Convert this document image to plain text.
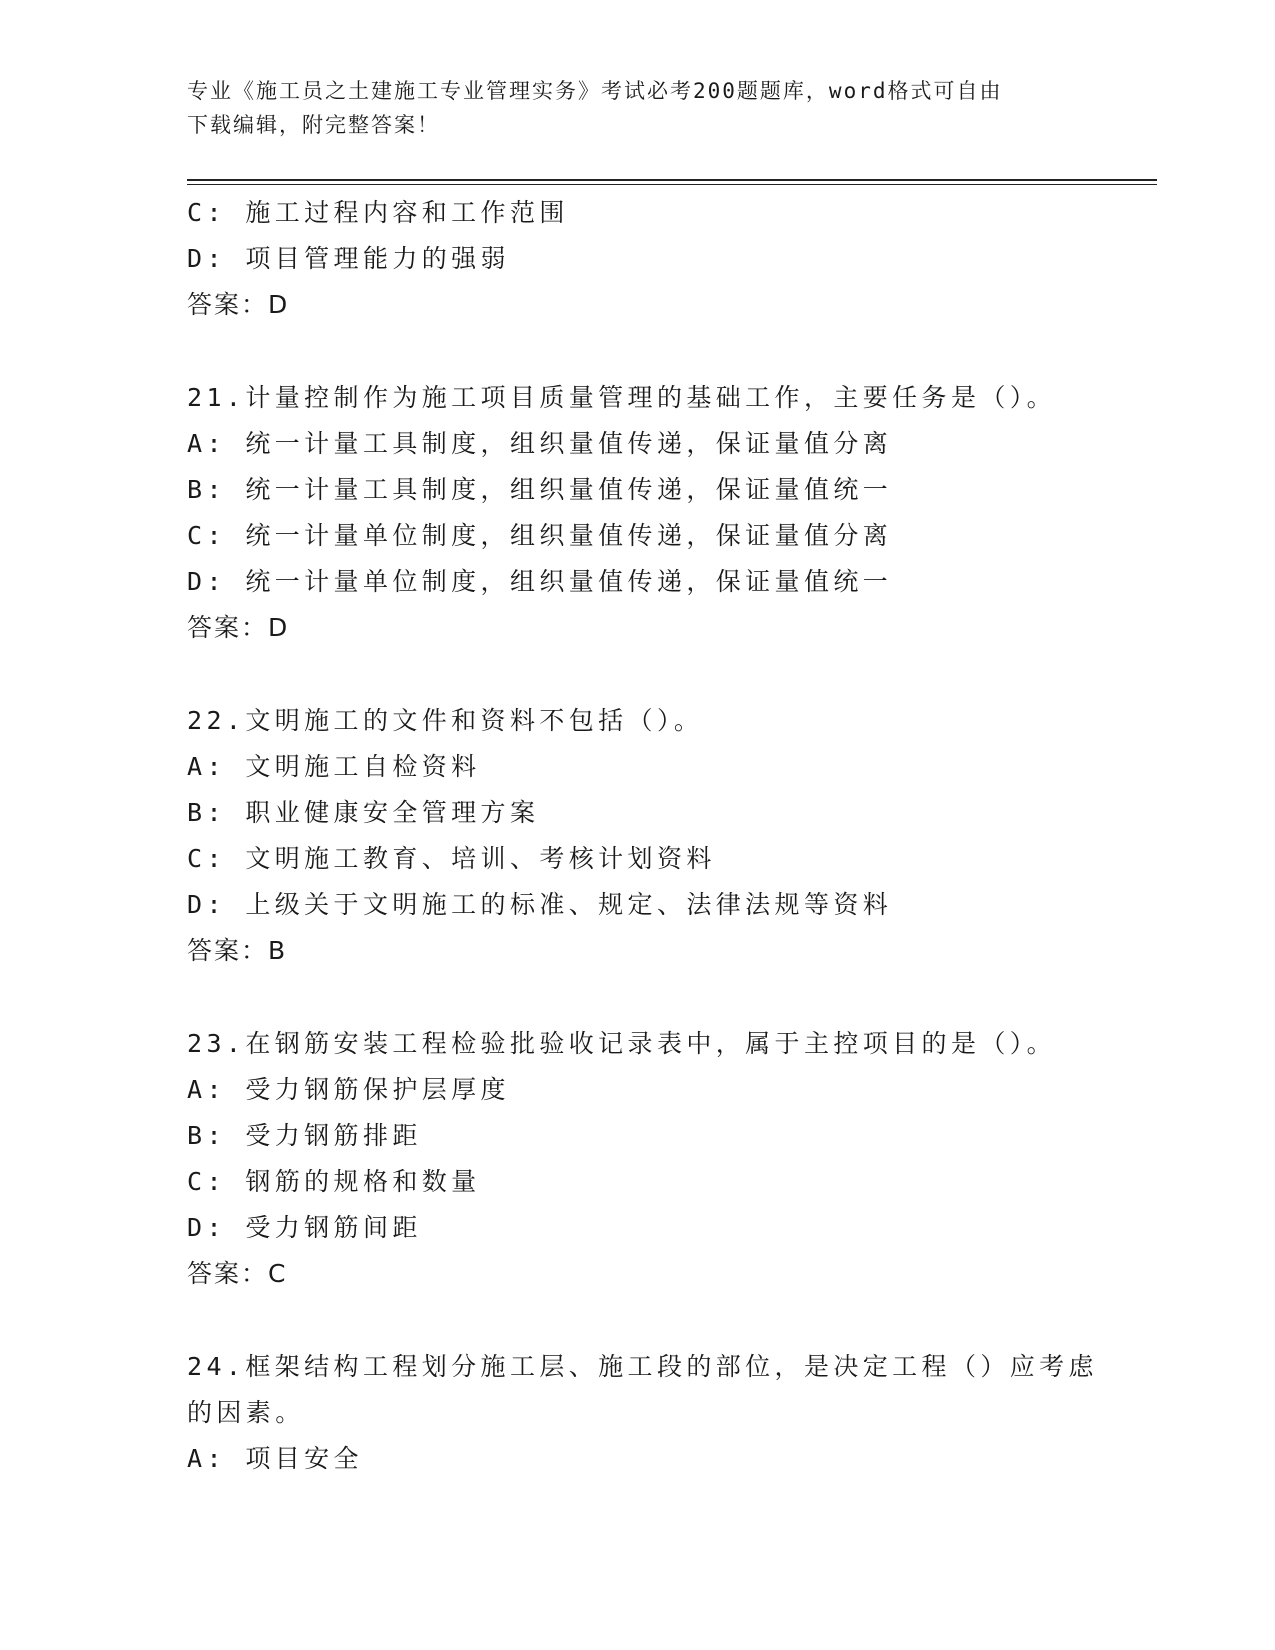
专业《施工员之土建施工专业管理实务》考试必考200题题库，word格式可自由
下载编辑，附完整答案！
C: 施工过程内容和工作范围
D: 项目管理能力的强弱
答案：D
21.计量控制作为施工项目质量管理的基础工作，主要任务是（）。
A: 统一计量工具制度，组织量值传递，保证量值分离
B: 统一计量工具制度，组织量值传递，保证量值统一
C: 统一计量单位制度，组织量值传递，保证量值分离
D: 统一计量单位制度，组织量值传递，保证量值统一
答案：D
22.文明施工的文件和资料不包括（）。
A: 文明施工自检资料
B: 职业健康安全管理方案
C: 文明施工教育、培训、考核计划资料
D: 上级关于文明施工的标准、规定、法律法规等资料
答案：B
23.在钢筋安装工程检验批验收记录表中，属于主控项目的是（）。
A: 受力钢筋保护层厚度
B: 受力钢筋排距
C: 钢筋的规格和数量
D: 受力钢筋间距
答案：C
24.框架结构工程划分施工层、施工段的部位，是决定工程（）应考虑
的因素。
A: 项目安全
